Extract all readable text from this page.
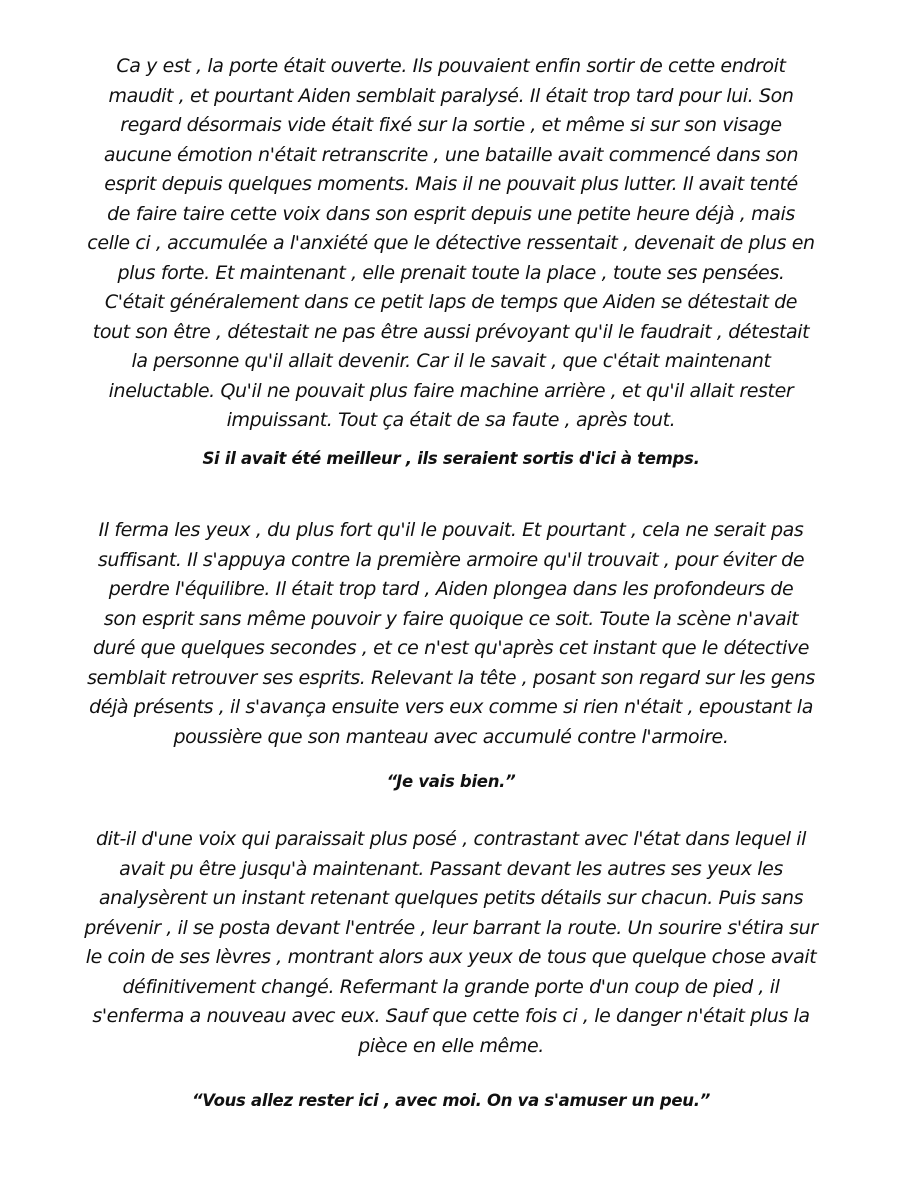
Ca y est , la porte était ouverte. Ils pouvaient enfin sortir de cette endroit
maudit , et pourtant Aiden semblait paralysé. Il était trop tard pour lui. Son
regard désormais vide était fixé sur la sortie , et même si sur son visage
aucune émotion n'était retranscrite , une bataille avait commencé dans son
esprit depuis quelques moments. Mais il ne pouvait plus lutter. Il avait tenté
de faire taire cette voix dans son esprit depuis une petite heure déjà , mais
celle ci , accumulée a l'anxiété que le détective ressentait , devenait de plus en
plus forte. Et maintenant , elle prenait toute la place , toute ses pensées.
C'était généralement dans ce petit laps de temps que Aiden se détestait de
tout son être , détestait ne pas être aussi prévoyant qu'il le faudrait , détestait
la personne qu'il allait devenir. Car il le savait , que c'était maintenant
ineluctable. Qu'il ne pouvait plus faire machine arrière , et qu'il allait rester
impuissant. Tout ça était de sa faute , après tout.
Si il avait été meilleur , ils seraient sortis d'ici à temps.
Il ferma les yeux , du plus fort qu'il le pouvait. Et pourtant , cela ne serait pas
suffisant. Il s'appuya contre la première armoire qu'il trouvait , pour éviter de
perdre l'équilibre. Il était trop tard , Aiden plongea dans les profondeurs de
son esprit sans même pouvoir y faire quoique ce soit. Toute la scène n'avait
duré que quelques secondes , et ce n'est qu'après cet instant que le détective
semblait retrouver ses esprits. Relevant la tête , posant son regard sur les gens
déjà présents , il s'avança ensuite vers eux comme si rien n'était , epoustant la
poussière que son manteau avec accumulé contre l'armoire.
“Je vais bien.”
dit-il d'une voix qui paraissait plus posé , contrastant avec l'état dans lequel il
avait pu être jusqu'à maintenant. Passant devant les autres ses yeux les
analysèrent un instant retenant quelques petits détails sur chacun. Puis sans
prévenir , il se posta devant l'entrée , leur barrant la route. Un sourire s'étira sur
le coin de ses lèvres , montrant alors aux yeux de tous que quelque chose avait
définitivement changé. Refermant la grande porte d'un coup de pied , il
s'enferma a nouveau avec eux. Sauf que cette fois ci , le danger n'était plus la
pièce en elle même.
“Vous allez rester ici , avec moi. On va s'amuser un peu.”
